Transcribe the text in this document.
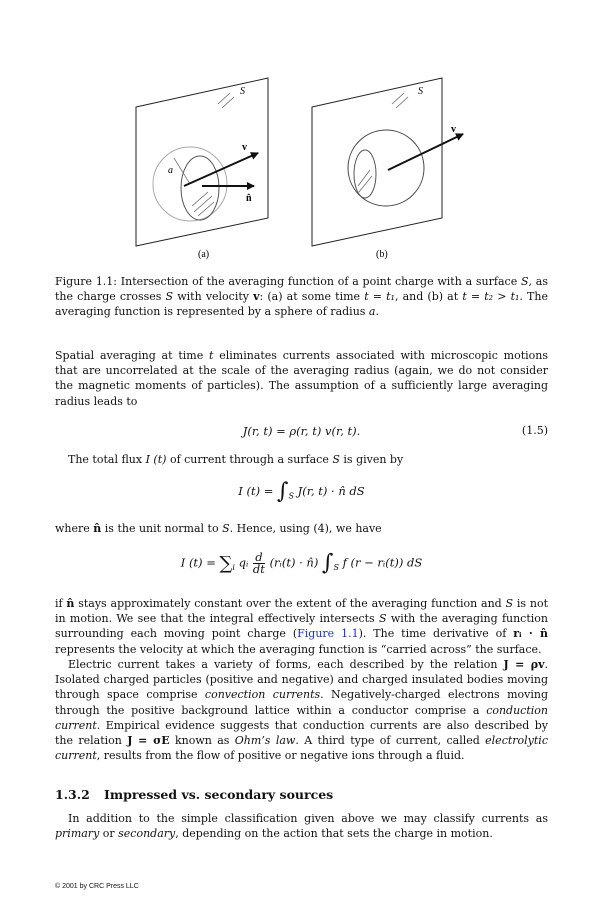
S
v
a
n̂
(a)
S
v
(b)

Figure 1.1: Intersection of the averaging function of a point charge with a surface S, as the charge crosses S with velocity v: (a) at some time t = t₁, and (b) at t = t₂ > t₁. The averaging function is represented by a sphere of radius a.

Spatial averaging at time t eliminates currents associated with microscopic motions that are uncorrelated at the scale of the averaging radius (again, we do not consider the magnetic moments of particles). The assumption of a sufficiently large averaging radius leads to

J(r, t) = ρ(r, t) v(r, t).	(1.5)

The total flux I (t) of current through a surface S is given by

I $(t) = \int_S$ J(r, t) · n̂ dS

where n̂ is the unit normal to S. Hence, using (4), we have

I $(t) = \sum_i$ qᵢ $\frac{d}{dt}$ (rᵢ(t) · n̂) $\int_S$ f (r − rᵢ(t)) dS

if n̂ stays approximately constant over the extent of the averaging function and S is not in motion. We see that the integral effectively intersects S with the averaging function surrounding each moving point charge (Figure 1.1). The time derivative of rᵢ · n̂ represents the velocity at which the averaging function is “carried across” the surface.

Electric current takes a variety of forms, each described by the relation J = ρv. Isolated charged particles (positive and negative) and charged insulated bodies moving through space comprise convection currents. Negatively-charged electrons moving through the positive background lattice within a conductor comprise a conduction current. Empirical evidence suggests that conduction currents are also described by the relation J = σE known as Ohm’s law. A third type of current, called electrolytic current, results from the flow of positive or negative ions through a fluid.

1.3.2 Impressed vs. secondary sources

In addition to the simple classification given above we may classify currents as primary or secondary, depending on the action that sets the charge in motion.

© 2001 by CRC Press LLC
